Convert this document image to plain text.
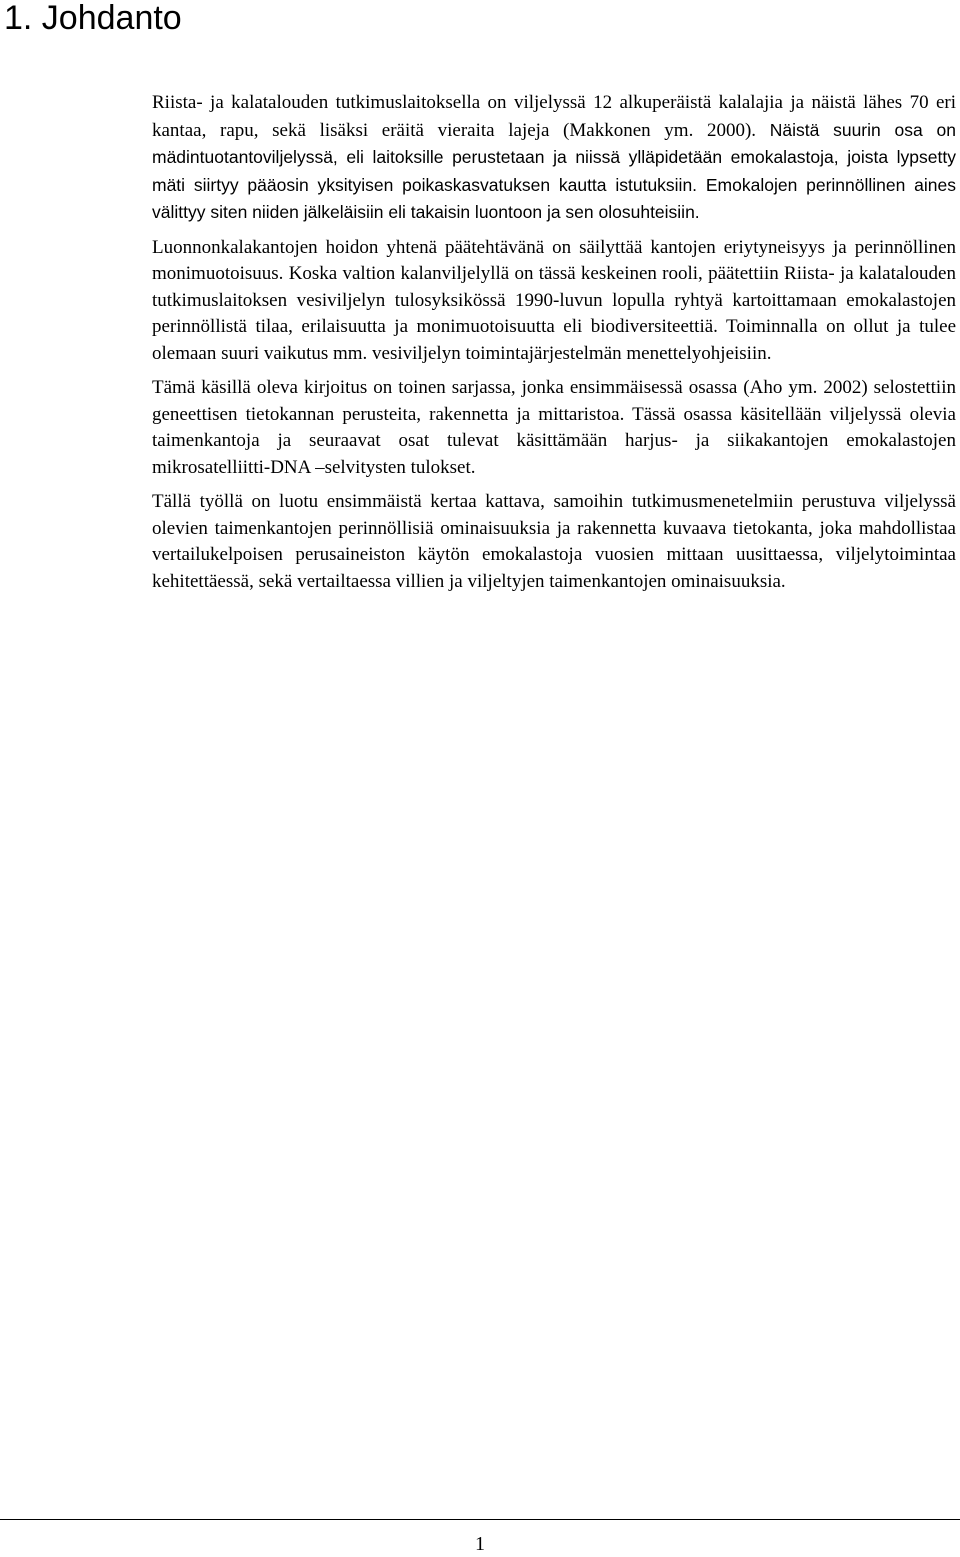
1. Johdanto

Riista- ja kalatalouden tutkimuslaitoksella on viljelyssä 12 alkuperäistä kalalajia ja näistä lähes 70 eri kantaa, rapu, sekä lisäksi eräitä vieraita lajeja (Makkonen ym. 2000). Näistä suurin osa on mädintuotantoviljelyssä, eli laitoksille perustetaan ja niissä ylläpidetään emokalastoja, joista lypsetty mäti siirtyy pääosin yksityisen poikaskasvatuksen kautta istutuksiin. Emokalojen perinnöllinen aines välittyy siten niiden jälkeläisiin eli takaisin luontoon ja sen olosuhteisiin.

Luonnonkalakantojen hoidon yhtenä päätehtävänä on säilyttää kantojen eriytyneisyys ja perinnöllinen monimuotoisuus. Koska valtion kalanviljelyllä on tässä keskeinen rooli, päätettiin Riista- ja kalatalouden tutkimuslaitoksen vesiviljelyn tulosyksikössä 1990-luvun lopulla ryhtyä kartoittamaan emokalastojen perinnöllistä tilaa, erilaisuutta ja monimuotoisuutta eli biodiversiteettiä. Toiminnalla on ollut ja tulee olemaan suuri vaikutus mm. vesiviljelyn toimintajärjestelmän menettelyohjeisiin.

Tämä käsillä oleva kirjoitus on toinen sarjassa, jonka ensimmäisessä osassa (Aho ym. 2002) selostettiin geneettisen tietokannan perusteita, rakennetta ja mittaristoa. Tässä osassa käsitellään viljelyssä olevia taimenkantoja ja seuraavat osat tulevat käsittämään harjus- ja siikakantojen emokalastojen mikrosatelliitti-DNA –selvitysten tulokset.

Tällä työllä on luotu ensimmäistä kertaa kattava, samoihin tutkimusmenetelmiin perustuva viljelyssä olevien taimenkantojen perinnöllisiä ominaisuuksia ja rakennetta kuvaava tietokanta, joka mahdollistaa vertailukelpoisen perusaineiston käytön emokalastoja vuosien mittaan uusittaessa, viljelytoimintaa kehitettäessä, sekä vertailtaessa villien ja viljeltyjen taimenkantojen ominaisuuksia.

1
